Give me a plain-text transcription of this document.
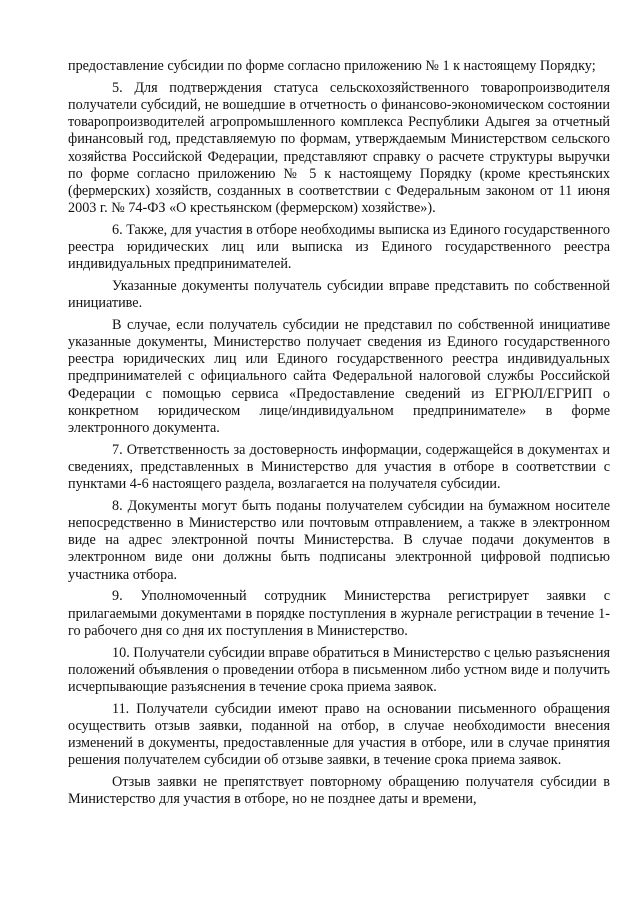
предоставление субсидии по форме согласно приложению № 1 к настоящему Порядку;

5. Для подтверждения статуса сельскохозяйственного товаропроизводителя получатели субсидий, не вошедшие в отчетность о финансово-экономическом состоянии товаропроизводителей агропромышленного комплекса Республики Адыгея за отчетный финансовый год, представляемую по формам, утверждаемым Министерством сельского хозяйства Российской Федерации, представляют справку о расчете структуры выручки по форме согласно приложению № 5 к настоящему Порядку (кроме крестьянских (фермерских) хозяйств, созданных в соответствии с Федеральным законом от 11 июня 2003 г. № 74-ФЗ «О крестьянском (фермерском) хозяйстве»).

6. Также, для участия в отборе необходимы выписка из Единого государственного реестра юридических лиц или выписка из Единого государственного реестра индивидуальных предпринимателей.

Указанные документы получатель субсидии вправе представить по собственной инициативе.

В случае, если получатель субсидии не представил по собственной инициативе указанные документы, Министерство получает сведения из Единого государственного реестра юридических лиц или Единого государственного реестра индивидуальных предпринимателей с официального сайта Федеральной налоговой службы Российской Федерации с помощью сервиса «Предоставление сведений из ЕГРЮЛ/ЕГРИП о конкретном юридическом лице/индивидуальном предпринимателе» в форме электронного документа.

7. Ответственность за достоверность информации, содержащейся в документах и сведениях, представленных в Министерство для участия в отборе в соответствии с пунктами 4-6 настоящего раздела, возлагается на получателя субсидии.

8. Документы могут быть поданы получателем субсидии на бумажном носителе непосредственно в Министерство или почтовым отправлением, а также в электронном виде на адрес электронной почты Министерства. В случае подачи документов в электронном виде они должны быть подписаны электронной цифровой подписью участника отбора.

9. Уполномоченный сотрудник Министерства регистрирует заявки с прилагаемыми документами в порядке поступления в журнале регистрации в течение 1-го рабочего дня со дня их поступления в Министерство.

10. Получатели субсидии вправе обратиться в Министерство с целью разъяснения положений объявления о проведении отбора в письменном либо устном виде и получить исчерпывающие разъяснения в течение срока приема заявок.

11. Получатели субсидии имеют право на основании письменного обращения осуществить отзыв заявки, поданной на отбор, в случае необходимости внесения изменений в документы, предоставленные для участия в отборе, или в случае принятия решения получателем субсидии об отзыве заявки, в течение срока приема заявок.

Отзыв заявки не препятствует повторному обращению получателя субсидии в Министерство для участия в отборе, но не позднее даты и времени,
